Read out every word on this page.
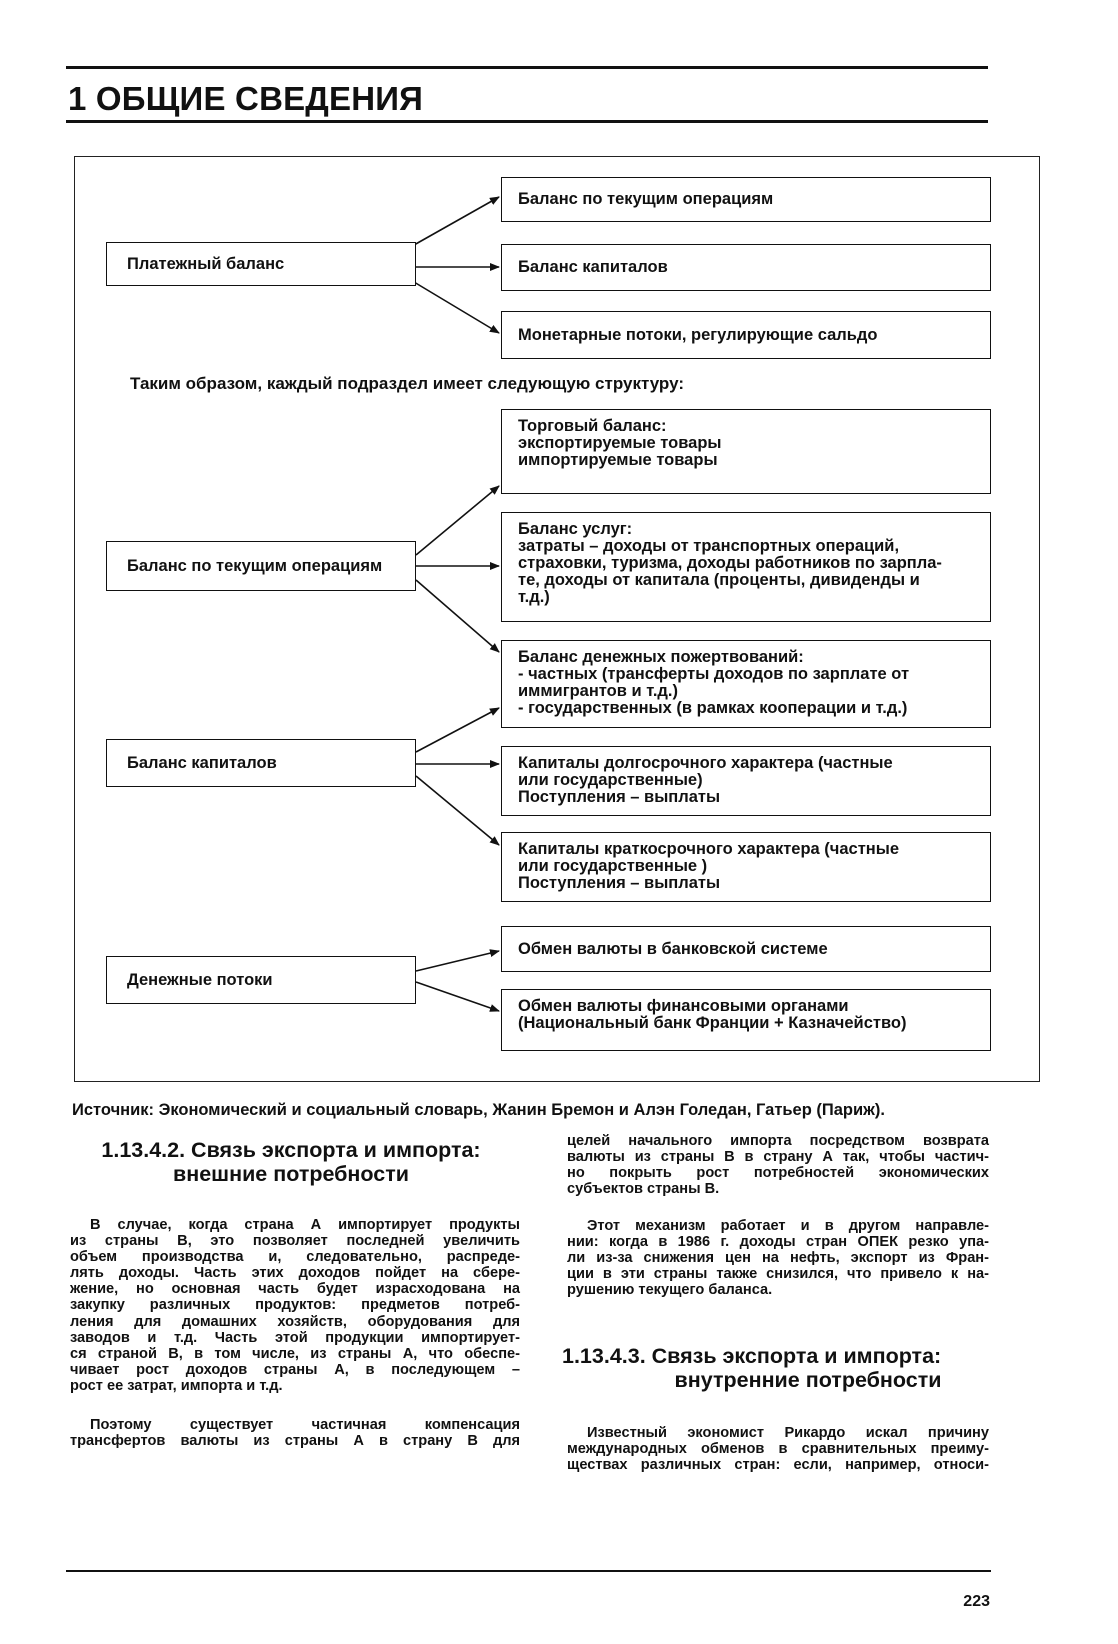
1 ОБЩИЕ СВЕДЕНИЯ
Платежный баланс
Баланс по текущим операциям
Баланс капиталов
Монетарные потоки, регулирующие сальдо
Таким образом, каждый подраздел имеет следующую структуру:
Баланс по текущим операциям
Баланс капиталов
Денежные потоки
Торговый баланс:
экспортируемые товары
импортируемые товары
Баланс услуг:
затраты – доходы от транспортных операций,
страховки, туризма, доходы работников по зарпла-
те, доходы от капитала (проценты, дивиденды и
т.д.)
Баланс денежных пожертвований:
- частных (трансферты доходов по зарплате от
иммигрантов и т.д.)
- государственных (в рамках кооперации и т.д.)
Капиталы долгосрочного характера (частные
или государственные)
Поступления – выплаты
Капиталы краткосрочного характера (частные
или государственные )
Поступления – выплаты
Обмен валюты в банковской системе
Обмен валюты финансовыми органами
(Национальный банк Франции + Казначейство)
Источник: Экономический и социальный словарь, Жанин Бремон и Алэн Голедан, Гатьер (Париж).
1.13.4.2. Связь экспорта и импорта:
внешние потребности
В случае, когда страна А импортирует продукты
из страны В, это позволяет последней увеличить
объем производства и, следовательно, распреде-
лять доходы. Часть этих доходов пойдет на сбере-
жение, но основная часть будет израсходована на
закупку различных продуктов: предметов потреб-
ления для домашних хозяйств, оборудования для
заводов и т.д. Часть этой продукции импортирует-
ся страной В, в том числе, из страны А, что обеспе-
чивает рост доходов страны А, в последующем –
рост ее затрат, импорта и т.д.
Поэтому существует частичная компенсация
трансфертов валюты из страны А в страну В для
целей начального импорта посредством возврата
валюты из страны В в страну А так, чтобы частич-
но покрыть рост потребностей экономических
субъектов страны В.
Этот механизм работает и в другом направле-
нии: когда в 1986 г. доходы стран ОПЕК резко упа-
ли из-за снижения цен на нефть, экспорт из Фран-
ции в эти страны также снизился, что привело к на-
рушению текущего баланса.
1.13.4.3. Связь экспорта и импорта:
внутренние потребности
Известный экономист Рикардо искал причину
международных обменов в сравнительных преиму-
ществах различных стран: если, например, относи-
223
